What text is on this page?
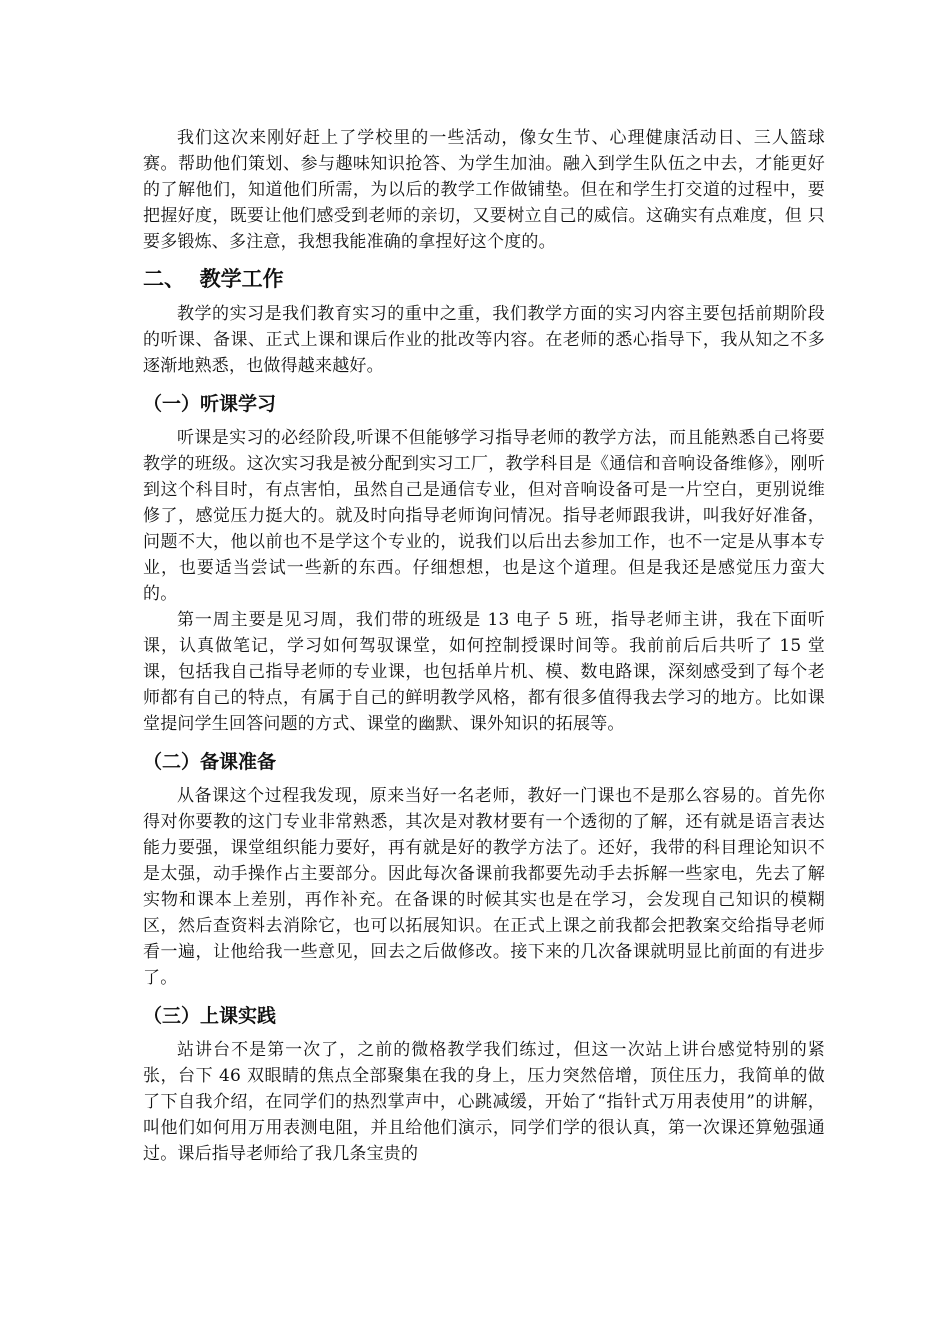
我们这次来刚好赶上了学校里的一些活动，像女生节、心理健康活动日、三人篮球赛。帮助他们策划、参与趣味知识抢答、为学生加油。融入到学生队伍之中去，才能更好的了解他们，知道他们所需，为以后的教学工作做铺垫。但在和学生打交道的过程中，要把握好度，既要让他们感受到老师的亲切，又要树立自己的威信。这确实有点难度，但 只要多锻炼、多注意，我想我能准确的拿捏好这个度的。

二、  教学工作

教学的实习是我们教育实习的重中之重，我们教学方面的实习内容主要包括前期阶段的听课、备课、正式上课和课后作业的批改等内容。在老师的悉心指导下，我从知之不多逐渐地熟悉，也做得越来越好。

（一）听课学习

听课是实习的必经阶段,听课不但能够学习指导老师的教学方法，而且能熟悉自己将要教学的班级。这次实习我是被分配到实习工厂，教学科目是《通信和音响设备维修》，刚听到这个科目时，有点害怕，虽然自己是通信专业，但对音响设备可是一片空白，更别说维修了，感觉压力挺大的。就及时向指导老师询问情况。指导老师跟我讲，叫我好好准备，问题不大，他以前也不是学这个专业的，说我们以后出去参加工作，也不一定是从事本专业，也要适当尝试一些新的东西。仔细想想，也是这个道理。但是我还是感觉压力蛮大的。

第一周主要是见习周，我们带的班级是 13 电子 5 班，指导老师主讲，我在下面听课，认真做笔记，学习如何驾驭课堂，如何控制授课时间等。我前前后后共听了 15 堂课，包括我自己指导老师的专业课，也包括单片机、模、数电路课，深刻感受到了每个老师都有自己的特点，有属于自己的鲜明教学风格，都有很多值得我去学习的地方。比如课堂提问学生回答问题的方式、课堂的幽默、课外知识的拓展等。

（二）备课准备

从备课这个过程我发现，原来当好一名老师，教好一门课也不是那么容易的。首先你得对你要教的这门专业非常熟悉，其次是对教材要有一个透彻的了解，还有就是语言表达能力要强，课堂组织能力要好，再有就是好的教学方法了。还好，我带的科目理论知识不是太强，动手操作占主要部分。因此每次备课前我都要先动手去拆解一些家电，先去了解实物和课本上差别，再作补充。在备课的时候其实也是在学习，会发现自己知识的模糊区，然后查资料去消除它，也可以拓展知识。在正式上课之前我都会把教案交给指导老师看一遍，让他给我一些意见，回去之后做修改。接下来的几次备课就明显比前面的有进步了。

（三）上课实践

站讲台不是第一次了，之前的微格教学我们练过，但这一次站上讲台感觉特别的紧张，台下 46 双眼睛的焦点全部聚集在我的身上，压力突然倍增，顶住压力，我简单的做了下自我介绍，在同学们的热烈掌声中，心跳减缓，开始了“指针式万用表使用”的讲解，叫他们如何用万用表测电阻，并且给他们演示，同学们学的很认真，第一次课还算勉强通过。课后指导老师给了我几条宝贵的
